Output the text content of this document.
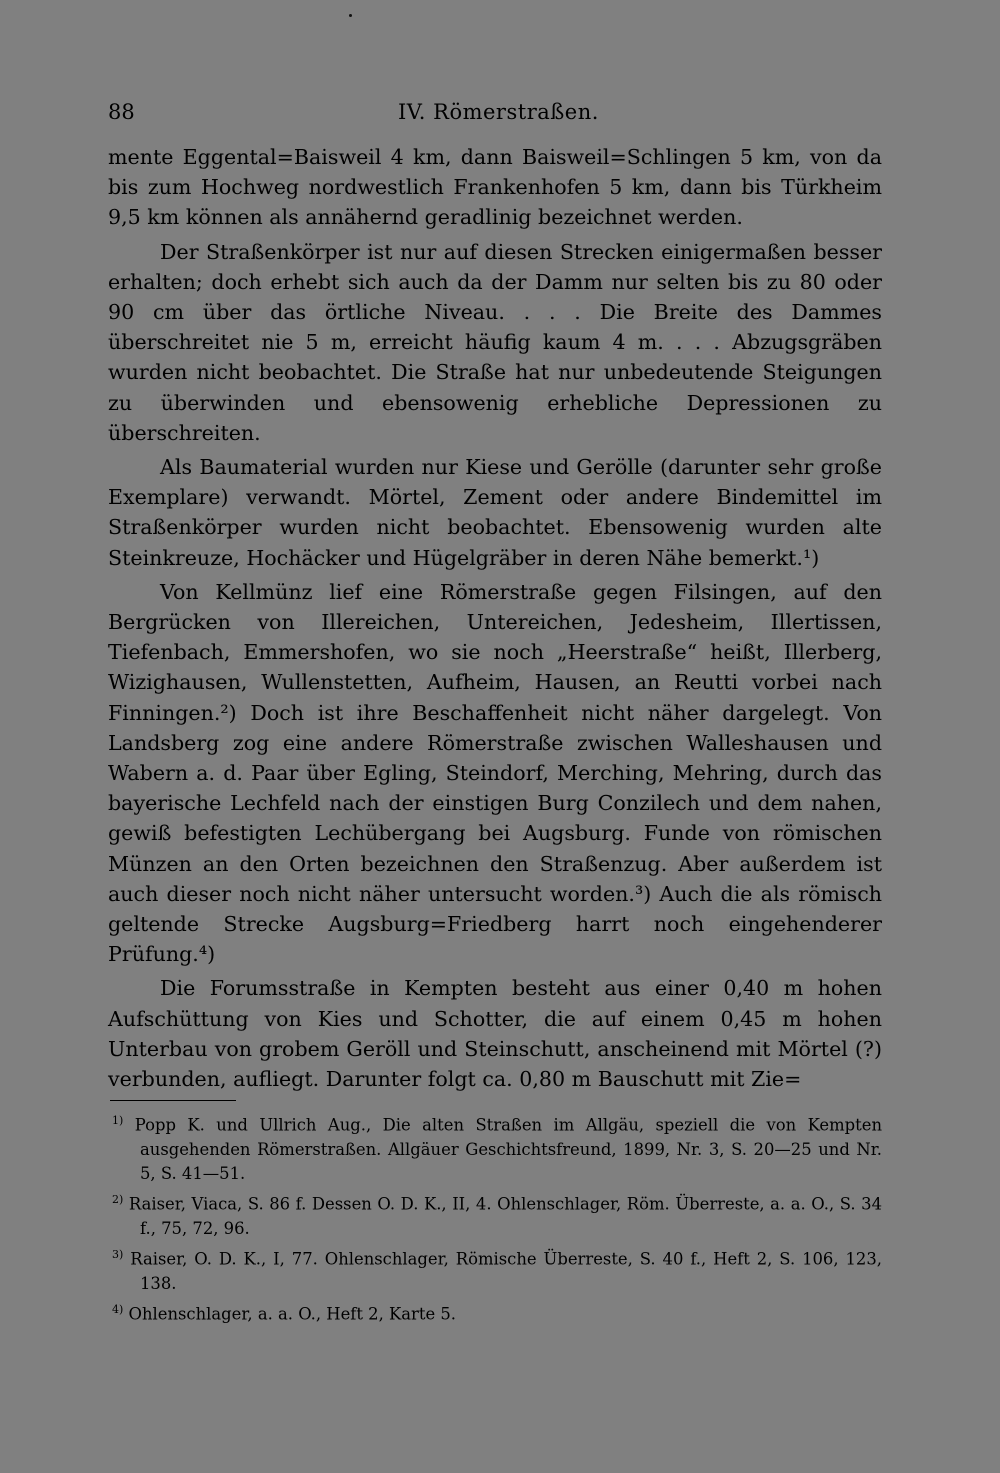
88	IV. Römerstraßen.

mente Eggental=Baisweil 4 km, dann Baisweil=Schlingen 5 km, von da bis zum Hochweg nordwestlich Frankenhofen 5 km, dann bis Türkheim 9,5 km können als annähernd geradlinig bezeichnet werden.

Der Straßenkörper ist nur auf diesen Strecken einigermaßen besser erhalten; doch erhebt sich auch da der Damm nur selten bis zu 80 oder 90 cm über das örtliche Niveau. . . . Die Breite des Dammes überschreitet nie 5 m, erreicht häufig kaum 4 m. . . . Abzugsgräben wurden nicht beobachtet. Die Straße hat nur unbedeutende Steigungen zu überwinden und ebensowenig erhebliche Depressionen zu überschreiten.

Als Baumaterial wurden nur Kiese und Gerölle (darunter sehr große Exemplare) verwandt. Mörtel, Zement oder andere Bindemittel im Straßenkörper wurden nicht beobachtet. Ebensowenig wurden alte Steinkreuze, Hochäcker und Hügelgräber in deren Nähe bemerkt.¹)

Von Kellmünz lief eine Römerstraße gegen Filsingen, auf den Bergrücken von Illereichen, Untereichen, Jedesheim, Illertissen, Tiefenbach, Emmershofen, wo sie noch „Heerstraße“ heißt, Illerberg, Wizighausen, Wullenstetten, Aufheim, Hausen, an Reutti vorbei nach Finningen.²) Doch ist ihre Beschaffenheit nicht näher dargelegt. Von Landsberg zog eine andere Römerstraße zwischen Walleshausen und Wabern a. d. Paar über Egling, Steindorf, Merching, Mehring, durch das bayerische Lechfeld nach der einstigen Burg Conzilech und dem nahen, gewiß befestigten Lechübergang bei Augsburg. Funde von römischen Münzen an den Orten bezeichnen den Straßenzug. Aber außerdem ist auch dieser noch nicht näher untersucht worden.³) Auch die als römisch geltende Strecke Augsburg=Friedberg harrt noch eingehenderer Prüfung.⁴)

Die Forumsstraße in Kempten besteht aus einer 0,40 m hohen Aufschüttung von Kies und Schotter, die auf einem 0,45 m hohen Unterbau von grobem Geröll und Steinschutt, anscheinend mit Mörtel (?) verbunden, aufliegt. Darunter folgt ca. 0,80 m Bauschutt mit Zie=

$^{1)}$ Popp K. und Ullrich Aug., Die alten Straßen im Allgäu, speziell die von Kempten ausgehenden Römerstraßen. Allgäuer Geschichtsfreund, 1899, Nr. 3, S. 20—25 und Nr. 5, S. 41—51.
$^{2)}$ Raiser, Viaca, S. 86 f. Dessen O. D. K., II, 4. Ohlenschlager, Röm. Überreste, a. a. O., S. 34 f., 75, 72, 96.
$^{3)}$ Raiser, O. D. K., I, 77. Ohlenschlager, Römische Überreste, S. 40 f., Heft 2, S. 106, 123, 138.
$^{4)}$ Ohlenschlager, a. a. O., Heft 2, Karte 5.
